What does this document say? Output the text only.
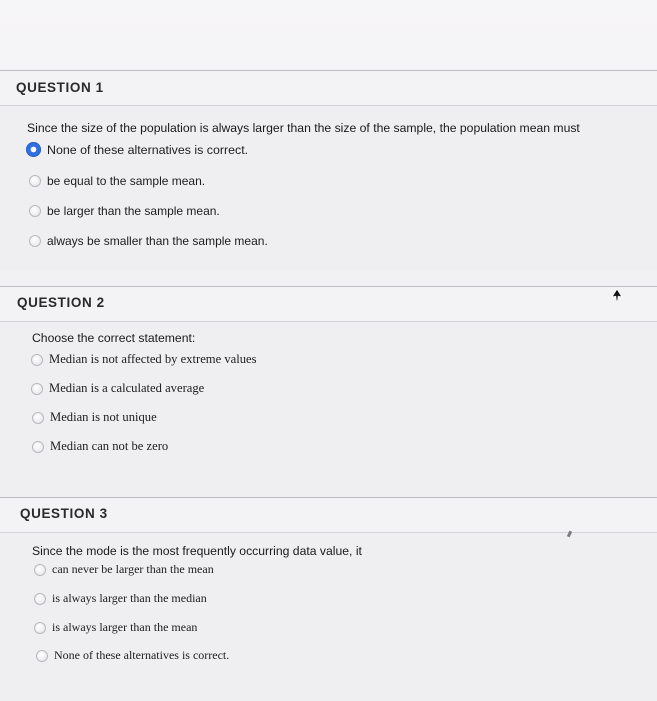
QUESTION 1
Since the size of the population is always larger than the size of the sample, the population mean must
None of these alternatives is correct.
be equal to the sample mean.
be larger than the sample mean.
always be smaller than the sample mean.
QUESTION 2
Choose the correct statement:
Median is not affected by extreme values
Median is a calculated average
Median is not unique
Median can not be zero
QUESTION 3
Since the mode is the most frequently occurring data value, it
can never be larger than the mean
is always larger than the median
is always larger than the mean
None of these alternatives is correct.
